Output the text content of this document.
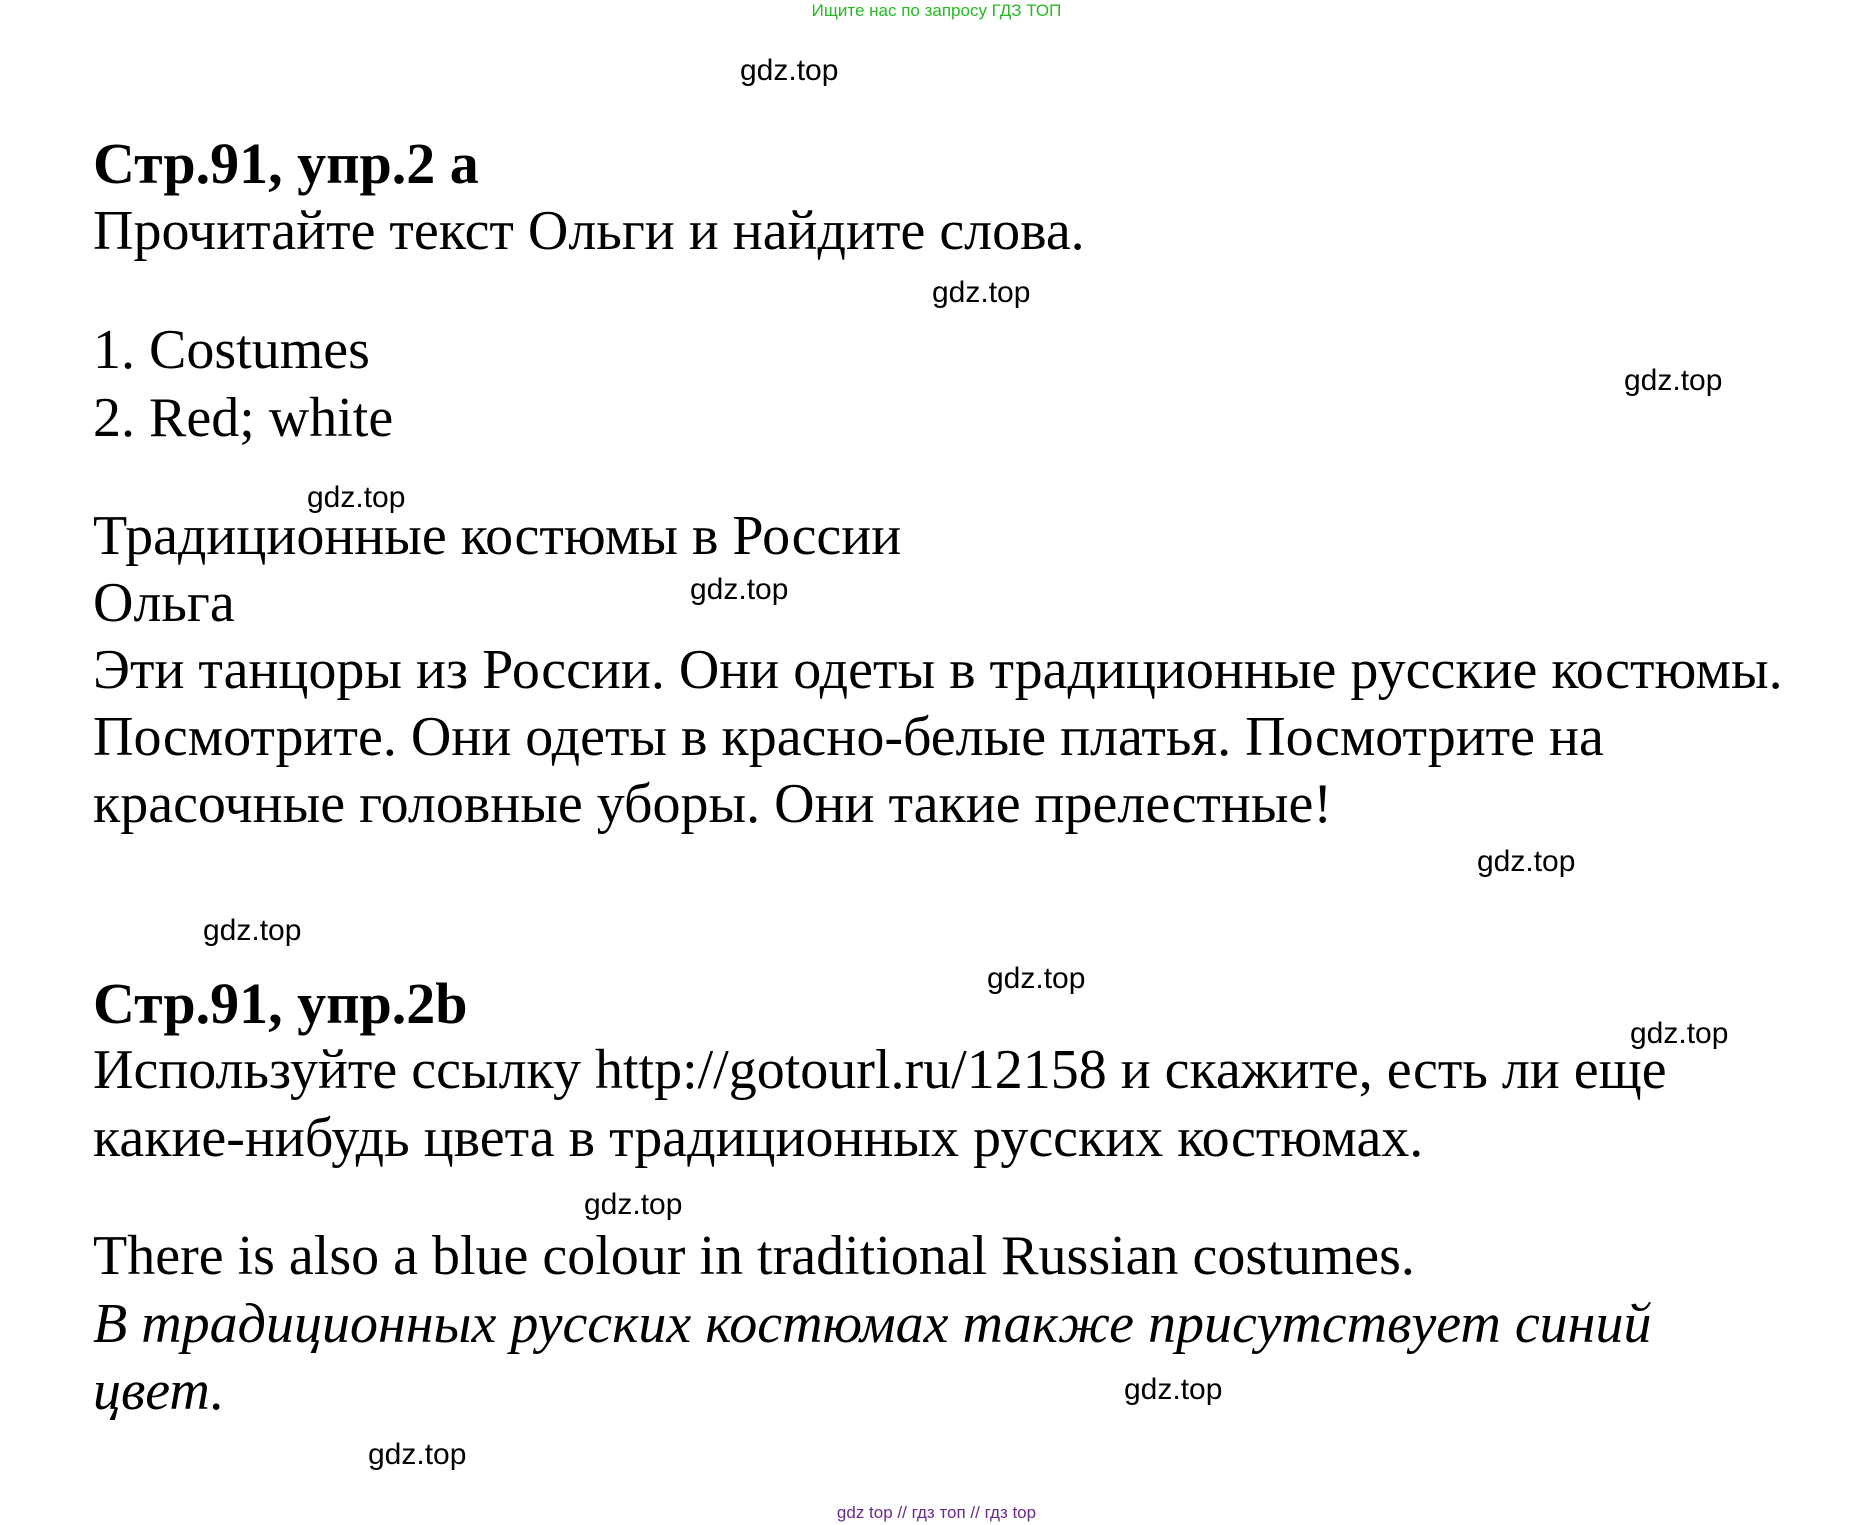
Ищите нас по запросу ГДЗ ТОП
gdz.top
gdz.top
gdz.top
gdz.top
gdz.top
gdz.top
gdz.top
gdz.top
gdz.top
gdz.top
gdz.top
gdz.top
Стр.91, упр.2 а
Прочитайте текст Ольги и найдите слова.
1. Costumes
2. Red; white
Традиционные костюмы в России
Ольга
Эти танцоры из России. Они одеты в традиционные русские костюмы.
Посмотрите. Они одеты в красно-белые платья. Посмотрите на
красочные головные уборы. Они такие прелестные!
Стр.91, упр.2b
Используйте ссылку http://gotourl.ru/12158 и скажите, есть ли еще
какие-нибудь цвета в традиционных русских костюмах.
There is also a blue colour in traditional Russian costumes.
В традиционных русских костюмах также присутствует синий
цвет.
gdz top // гдз топ // гдз top
